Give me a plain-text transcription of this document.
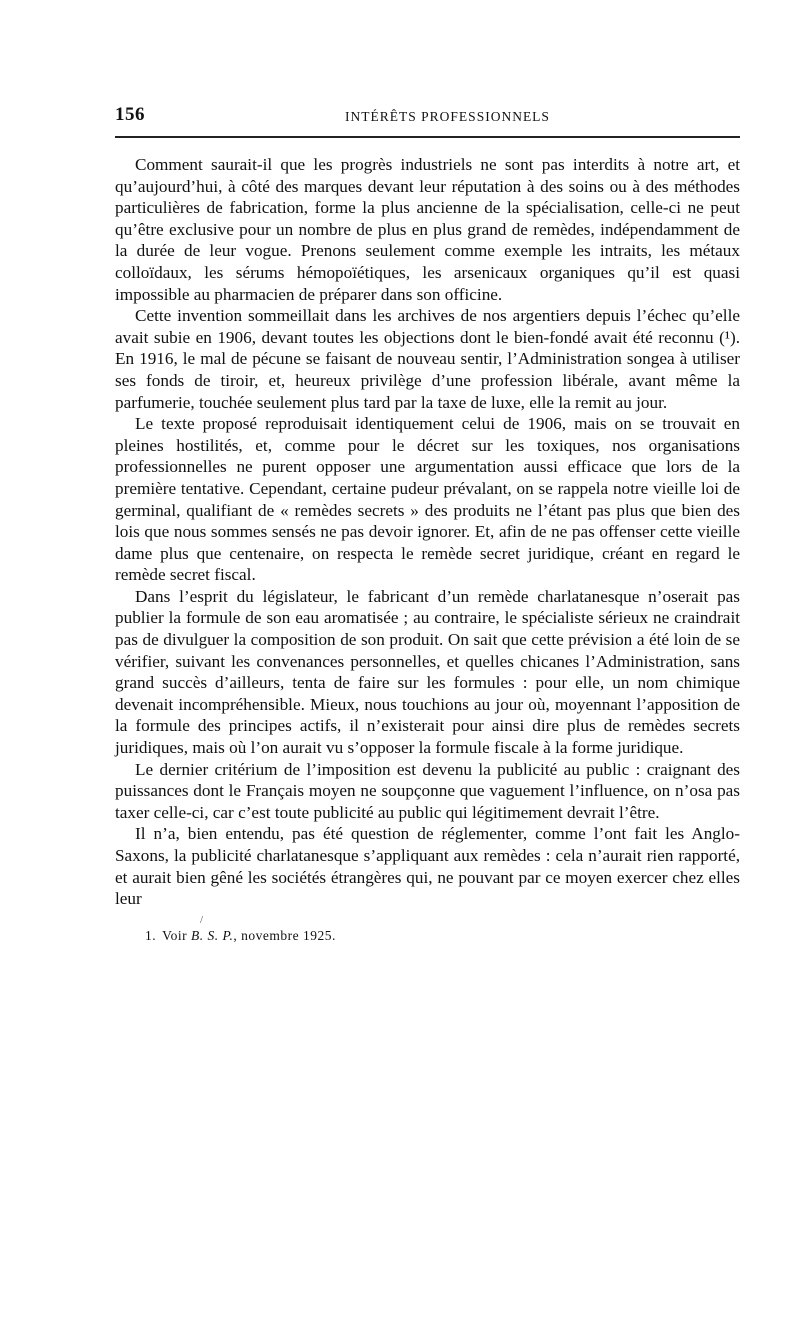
156	INTÉRÊTS PROFESSIONNELS

Comment saurait-il que les progrès industriels ne sont pas interdits à notre art, et qu’aujourd’hui, à côté des marques devant leur réputation à des soins ou à des méthodes particulières de fabrication, forme la plus ancienne de la spécialisation, celle-ci ne peut qu’être exclusive pour un nombre de plus en plus grand de remèdes, indépendamment de la durée de leur vogue. Prenons seulement comme exemple les intraits, les métaux colloïdaux, les sérums hémopoïétiques, les arsenicaux organiques qu’il est quasi impossible au pharmacien de préparer dans son officine.

Cette invention sommeillait dans les archives de nos argentiers depuis l’échec qu’elle avait subie en 1906, devant toutes les objections dont le bien-fondé avait été reconnu (¹). En 1916, le mal de pécune se faisant de nouveau sentir, l’Administration songea à utiliser ses fonds de tiroir, et, heureux privilège d’une profession libérale, avant même la parfumerie, touchée seulement plus tard par la taxe de luxe, elle la remit au jour.

Le texte proposé reproduisait identiquement celui de 1906, mais on se trouvait en pleines hostilités, et, comme pour le décret sur les toxiques, nos organisations professionnelles ne purent opposer une argumentation aussi efficace que lors de la première tentative. Cependant, certaine pudeur prévalant, on se rappela notre vieille loi de germinal, qualifiant de « remèdes secrets » des produits ne l’étant pas plus que bien des lois que nous sommes sensés ne pas devoir ignorer. Et, afin de ne pas offenser cette vieille dame plus que centenaire, on respecta le remède secret juridique, créant en regard le remède secret fiscal.

Dans l’esprit du législateur, le fabricant d’un remède charlatanesque n’oserait pas publier la formule de son eau aromatisée ; au contraire, le spécialiste sérieux ne craindrait pas de divulguer la composition de son produit. On sait que cette prévision a été loin de se vérifier, suivant les convenances personnelles, et quelles chicanes l’Administration, sans grand succès d’ailleurs, tenta de faire sur les formules : pour elle, un nom chimique devenait incompréhensible. Mieux, nous touchions au jour où, moyennant l’apposition de la formule des principes actifs, il n’existerait pour ainsi dire plus de remèdes secrets juridiques, mais où l’on aurait vu s’opposer la formule fiscale à la forme juridique.

Le dernier critérium de l’imposition est devenu la publicité au public : craignant des puissances dont le Français moyen ne soupçonne que vaguement l’influence, on n’osa pas taxer celle-ci, car c’est toute publicité au public qui légitimement devrait l’être.

Il n’a, bien entendu, pas été question de réglementer, comme l’ont fait les Anglo-Saxons, la publicité charlatanesque s’appliquant aux remèdes : cela n’aurait rien rapporté, et aurait bien gêné les sociétés étrangères qui, ne pouvant par ce moyen exercer chez elles leur

/
1. Voir B. S. P., novembre 1925.
